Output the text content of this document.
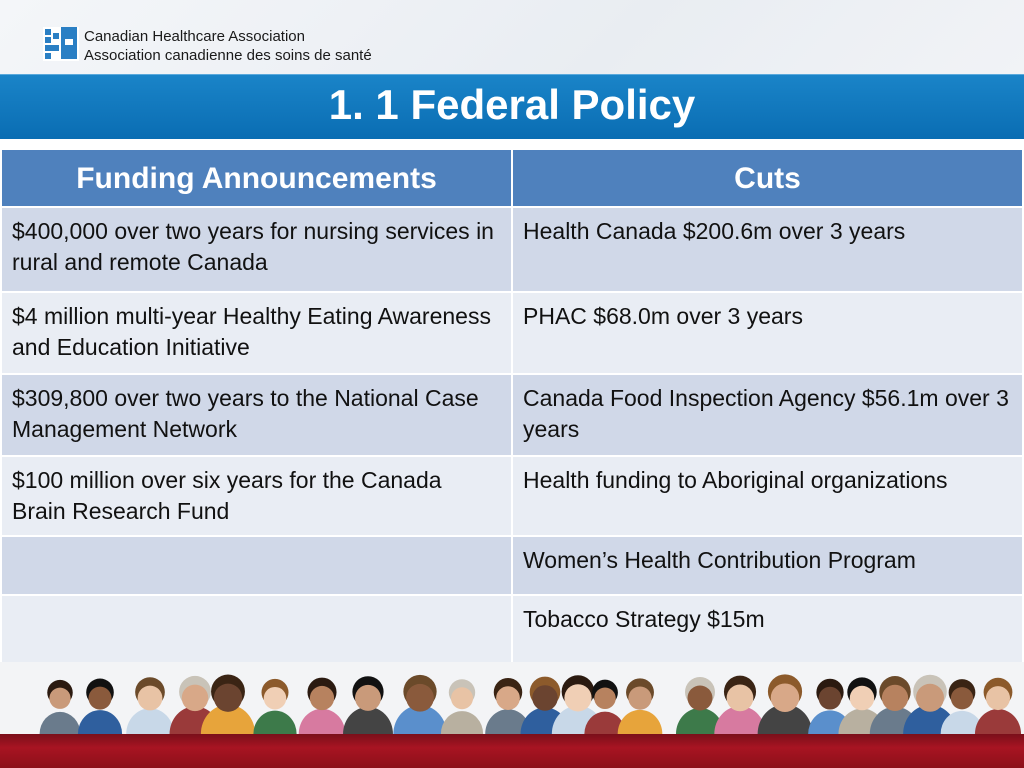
Canadian Healthcare Association
Association canadienne des soins de santé
1. 1 Federal Policy
Funding Announcements	Cuts
$400,000 over two years for nursing services in rural and remote Canada	Health Canada $200.6m over 3 years
$4 million multi-year Healthy Eating Awareness and Education Initiative	PHAC $68.0m over 3 years
$309,800 over two years to the National Case Management Network	Canada Food Inspection Agency $56.1m over 3 years
$100 million over six years for the Canada Brain Research Fund	Health funding to Aboriginal organizations
	Women’s Health Contribution Program
	Tobacco Strategy $15m
